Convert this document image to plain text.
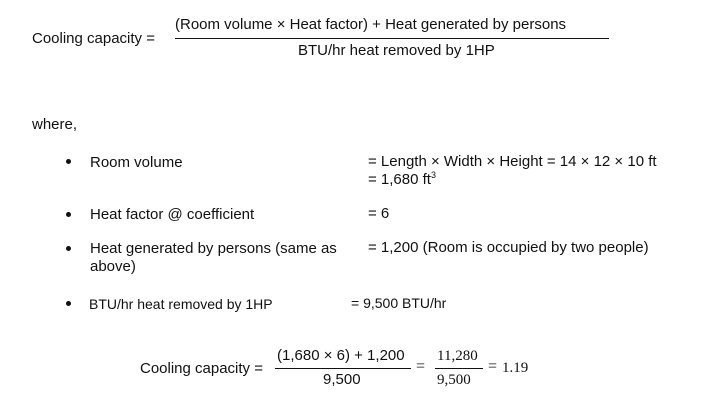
Cooling capacity =
(Room volume × Heat factor) + Heat generated by persons
BTU/hr heat removed by 1HP
where,
Room volume	= Length × Width × Height = 14 × 12 × 10 ft
= 1,680 $ft^3$
Heat factor @ coefficient	= 6
Heat generated by persons (same as
above)
= 1,200 (Room is occupied by two people)
BTU/hr heat removed by 1HP	= 9,500 BTU/hr
Cooling capacity =
(1,680 × 6) + 1,200
9,500
=
11,280
9,500
= 1.19
